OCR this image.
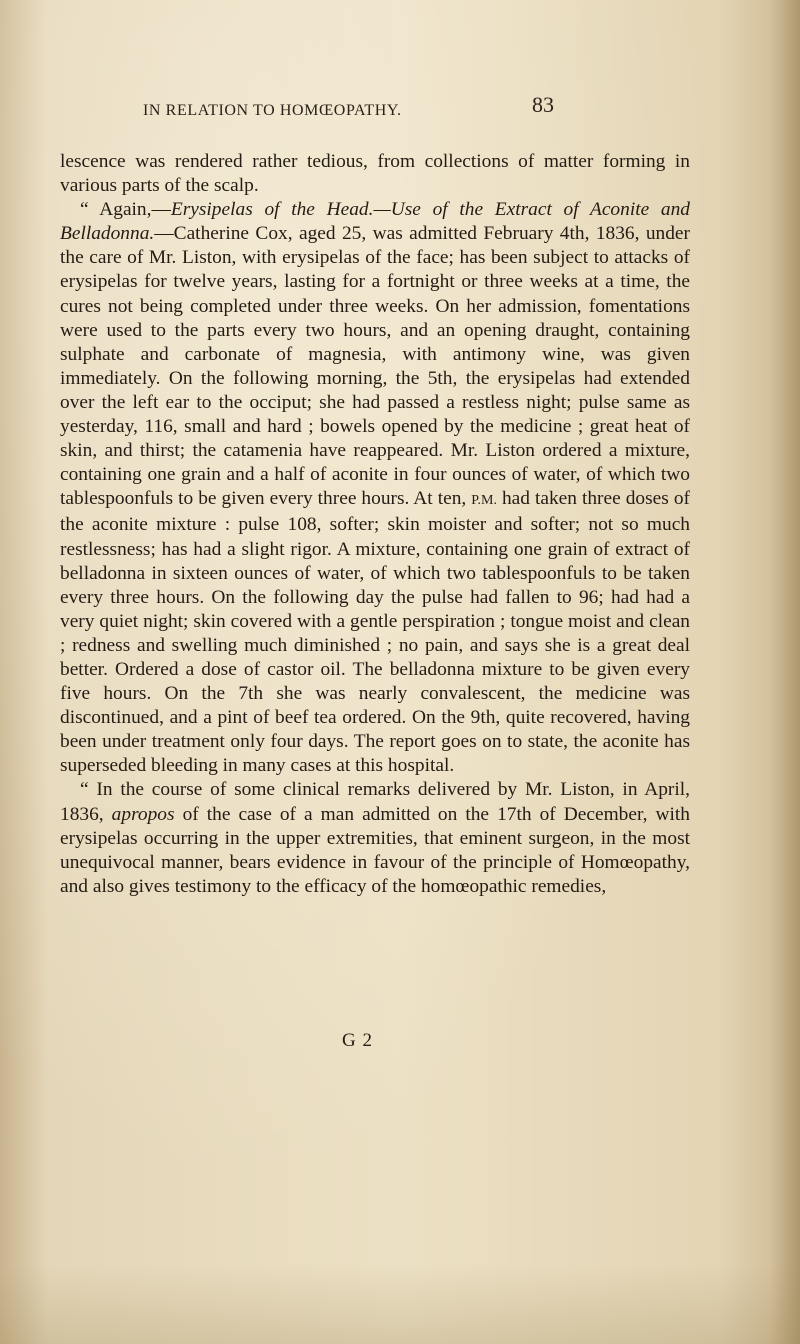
IN RELATION TO HOMŒOPATHY.	83

lescence was rendered rather tedious, from collections of matter forming in various parts of the scalp.

“ Again,—Erysipelas of the Head.—Use of the Extract of Aconite and Belladonna.—Catherine Cox, aged 25, was admitted February 4th, 1836, under the care of Mr. Liston, with erysipelas of the face; has been subject to attacks of erysipelas for twelve years, lasting for a fortnight or three weeks at a time, the cures not being completed under three weeks. On her admission, fomentations were used to the parts every two hours, and an opening draught, containing sulphate and carbonate of magnesia, with antimony wine, was given immediately. On the following morning, the 5th, the erysipelas had extended over the left ear to the occiput; she had passed a restless night; pulse same as yesterday, 116, small and hard ; bowels opened by the medicine ; great heat of skin, and thirst; the catamenia have reappeared. Mr. Liston ordered a mixture, containing one grain and a half of aconite in four ounces of water, of which two tablespoonfuls to be given every three hours. At ten, P.M. had taken three doses of the aconite mixture : pulse 108, softer; skin moister and softer; not so much restlessness; has had a slight rigor. A mixture, containing one grain of extract of belladonna in sixteen ounces of water, of which two tablespoonfuls to be taken every three hours. On the following day the pulse had fallen to 96; had had a very quiet night; skin covered with a gentle perspiration ; tongue moist and clean ; redness and swelling much diminished ; no pain, and says she is a great deal better. Ordered a dose of castor oil. The belladonna mixture to be given every five hours. On the 7th she was nearly convalescent, the medicine was discontinued, and a pint of beef tea ordered. On the 9th, quite recovered, having been under treatment only four days. The report goes on to state, the aconite has superseded bleeding in many cases at this hospital.

“ In the course of some clinical remarks delivered by Mr. Liston, in April, 1836, apropos of the case of a man admitted on the 17th of December, with erysipelas occurring in the upper extremities, that eminent surgeon, in the most unequivocal manner, bears evidence in favour of the principle of Homœopathy, and also gives testimony to the efficacy of the homœopathic remedies,

G 2
